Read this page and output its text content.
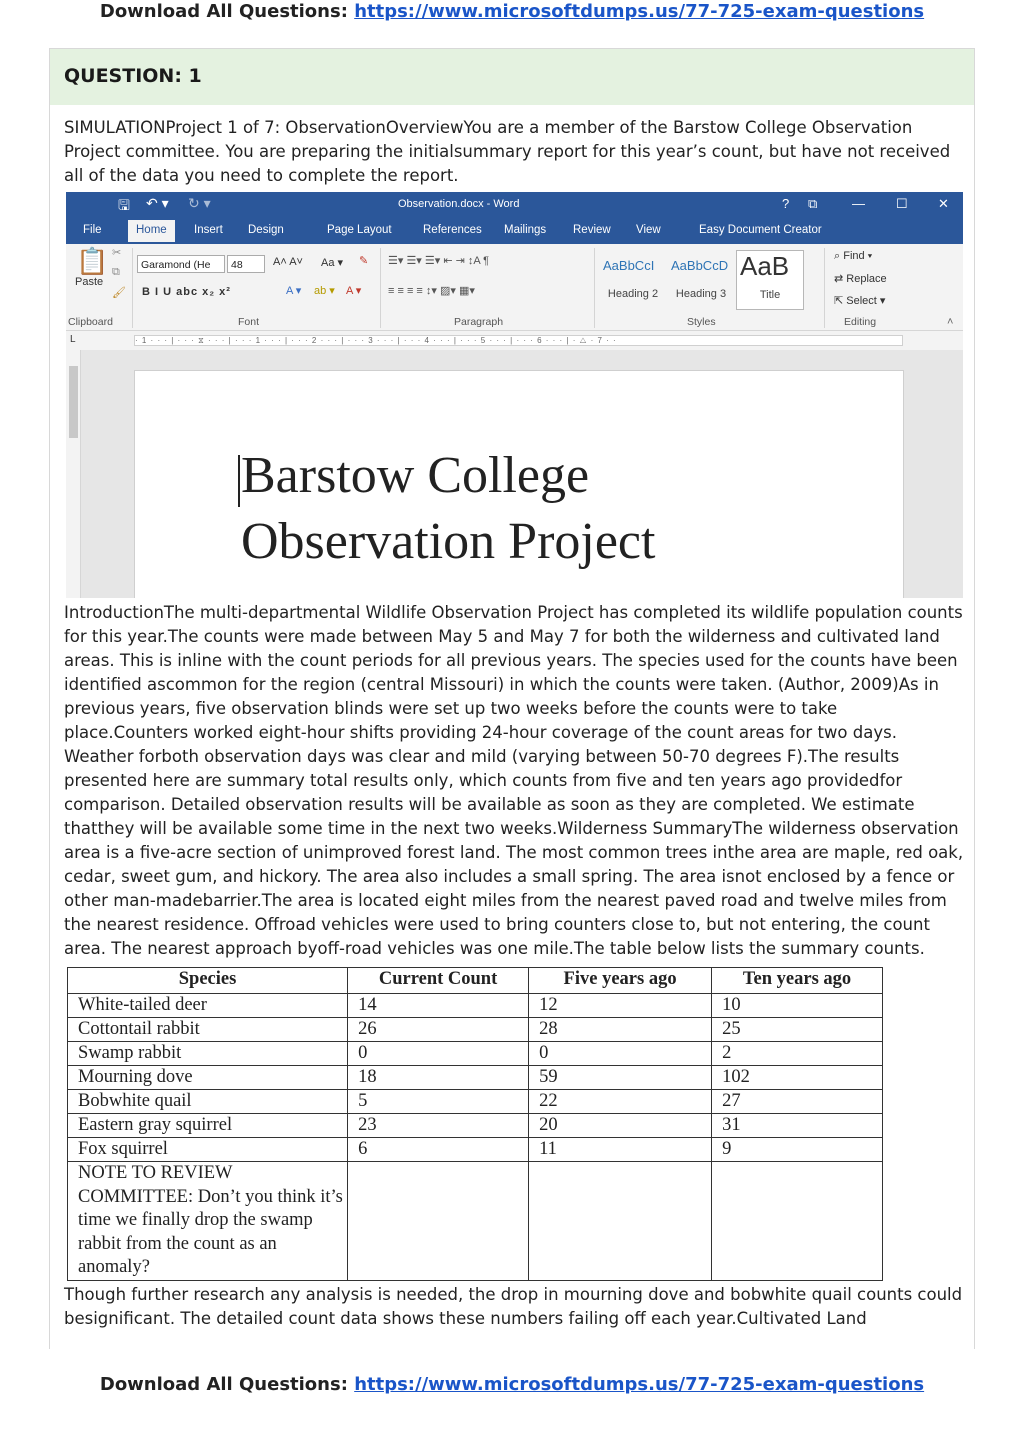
Download All Questions: https://www.microsoftdumps.us/77-725-exam-questions
QUESTION: 1
SIMULATIONProject 1 of 7: ObservationOverviewYou are a member of the Barstow College Observation Project committee. You are preparing the initialsummary report for this year’s count, but have not received all of the data you need to complete the report.
🖫 ↶ ▾ ↻ ▾	Observation.docx - Word	? ⧉	— ☐ ✕
File	Home	Insert Design	Page Layout	References Mailings Review View	Easy Document Creator
📋
Paste
✂
⧉
🖌
Clipboard
Garamond (He	48	A˄ A˅ Aa ▾ ✎
B I U abc x₂ x²	A ▾ ab ▾ A ▾
Font
☰▾ ☰▾ ☰▾ ⇤ ⇥ ↕A ¶
≡ ≡ ≡ ≡ ↕▾ ▨▾ ▦▾
Paragraph
AaBbCcI
Heading 2
AaBbCcD
Heading 3
AaB
Title
Styles
⌕ Find ▾
⇄ Replace
⇱ Select ▾
Editing	˄
L	· 1 · · · | · · · ⧖ · · · | · · · 1 · · · | · · · 2 · · · | · · · 3 · · · | · · · 4 · · · | · · · 5 · · · | · · · 6 · · · | · △ · 7 · ·
Barstow College
Observation Project
IntroductionThe multi-departmental Wildlife Observation Project has completed its wildlife population counts for this year.The counts were made between May 5 and May 7 for both the wilderness and cultivated land areas. This is inline with the count periods for all previous years. The species used for the counts have been identified ascommon for the region (central Missouri) in which the counts were taken. (Author, 2009)As in previous years, five observation blinds were set up two weeks before the counts were to take place.Counters worked eight-hour shifts providing 24-hour coverage of the count areas for two days. Weather forboth observation days was clear and mild (varying between 50-70 degrees F).The results presented here are summary total results only, which counts from five and ten years ago providedfor comparison. Detailed observation results will be available as soon as they are completed. We estimate thatthey will be available some time in the next two weeks.Wilderness SummaryThe wilderness observation area is a five-acre section of unimproved forest land. The most common trees inthe area are maple, red oak, cedar, sweet gum, and hickory. The area also includes a small spring. The area isnot enclosed by a fence or other man-madebarrier.The area is located eight miles from the nearest paved road and twelve miles from the nearest residence. Offroad vehicles were used to bring counters close to, but not entering, the count area. The nearest approach byoff-road vehicles was one mile.The table below lists the summary counts.
Species	Current Count	Five years ago	Ten years ago
White-tailed deer	14	12	10
Cottontail rabbit	26	28	25
Swamp rabbit	0	0	2
Mourning dove	18	59	102
Bobwhite quail	5	22	27
Eastern gray squirrel	23	20	31
Fox squirrel	6	11	9
NOTE TO REVIEW COMMITTEE: Don’t you think it’s time we finally drop the swamp rabbit from the count as an anomaly?			
Though further research any analysis is needed, the drop in mourning dove and bobwhite quail counts could besignificant. The detailed count data shows these numbers failing off each year.Cultivated Land
Download All Questions: https://www.microsoftdumps.us/77-725-exam-questions
